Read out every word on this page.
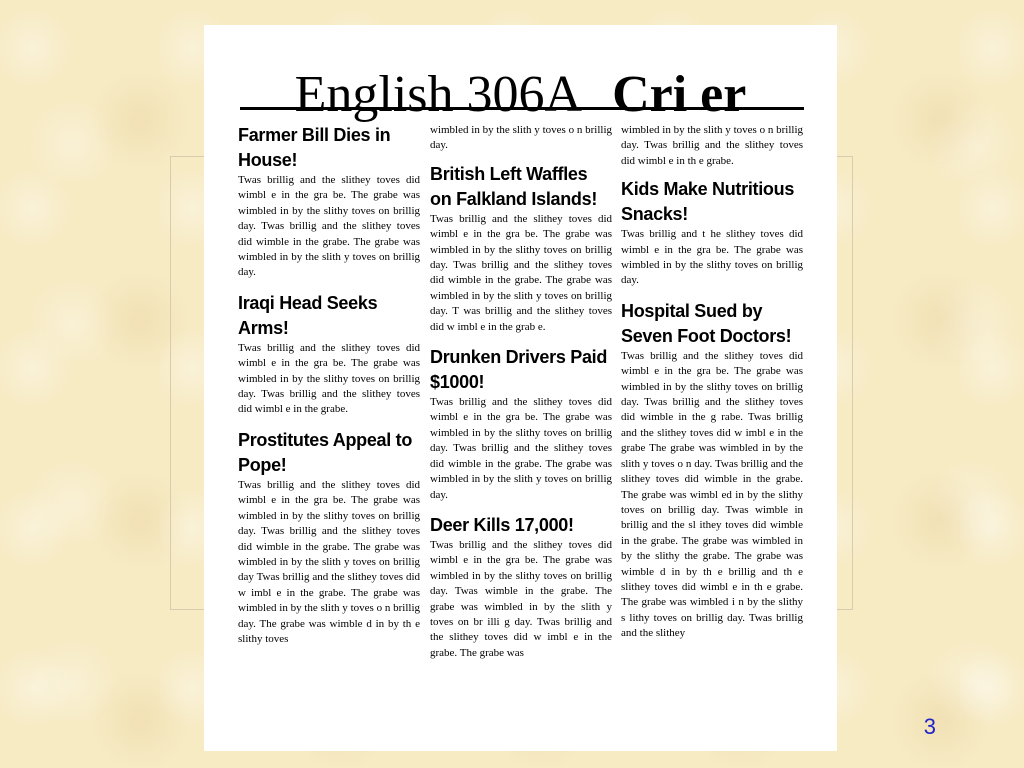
English 306A Cri er
Farmer Bill Dies in House!

Twas brillig and the slithey toves did wimbl e in the gra be. The grabe was wimbled in by the slithy toves on brillig day. Twas brillig and the slithey toves did wimble in the grabe. The grabe was wimbled in by the slith y toves on brillig day.

Iraqi Head Seeks Arms!

Twas brillig and the slithey toves did wimbl e in the gra be. The grabe was wimbled in by the slithy toves on brillig day. Twas brillig and the slithey toves did wimbl e in the grabe.

Prostitutes Appeal to Pope!

Twas brillig and the slithey toves did wimbl e in the gra be. The grabe was wimbled in by the slithy toves on brillig day. Twas brillig and the slithey toves did wimble in the grabe. The grabe was wimbled in by the slith y toves on brillig day Twas brillig and the slithey toves did w imbl e in the grabe. The grabe was wimbled in by the slith y toves o n brillig day. The grabe was wimble d in by th e slithy toves

wimbled in by the slith y toves o n brillig day.

British Left Waffles on Falkland Islands!

Twas brillig and the slithey toves did wimbl e in the gra be. The grabe was wimbled in by the slithy toves on brillig day. Twas brillig and the slithey toves did wimble in the grabe. The grabe was wimbled in by the slith y toves on brillig day. T was brillig and the slithey toves did w imbl e in the grab e.

Drunken Drivers Paid $1000!

Twas brillig and the slithey toves did wimbl e in the gra be. The grabe was wimbled in by the slithy toves on brillig day. Twas brillig and the slithey toves did wimble in the grabe. The grabe was wimbled in by the slith y toves on brillig day.

Deer Kills 17,000!

Twas brillig and the slithey toves did wimbl e in the gra be. The grabe was wimbled in by the slithy toves on brillig day. Twas wimble in the grabe. The grabe was wimbled in by the slith y toves on br illi g day. Twas brillig and the slithey toves did w imbl e in the grabe. The grabe was

wimbled in by the slith y toves o n brillig day. Twas brillig and the slithey toves did wimbl e in th e grabe.

Kids Make Nutritious Snacks!

Twas brillig and t he slithey toves did wimbl e in the gra be. The grabe was wimbled in by the slithy toves on brillig day.

Hospital Sued by Seven Foot Doctors!

Twas brillig and the slithey toves did wimbl e in the gra be. The grabe was wimbled in by the slithy toves on brillig day. Twas brillig and the slithey toves did wimble in the g rabe. Twas brillig and the slithey toves did w imbl e in the grabe The grabe was wimbled in by the slith y toves o n day. Twas brillig and the slithey toves did wimble in the grabe. The grabe was wimbl ed in by the slithy toves on brillig day. Twas wimble in brillig and the sl ithey toves did wimble in the grabe. The grabe was wimbled in by the slithy the grabe. The grabe was wimble d in by th e brillig and th e slithey toves did wimbl e in th e grabe. The grabe was wimbled i n by the slithy s lithy toves on brillig day. Twas brillig and the slithey

3
